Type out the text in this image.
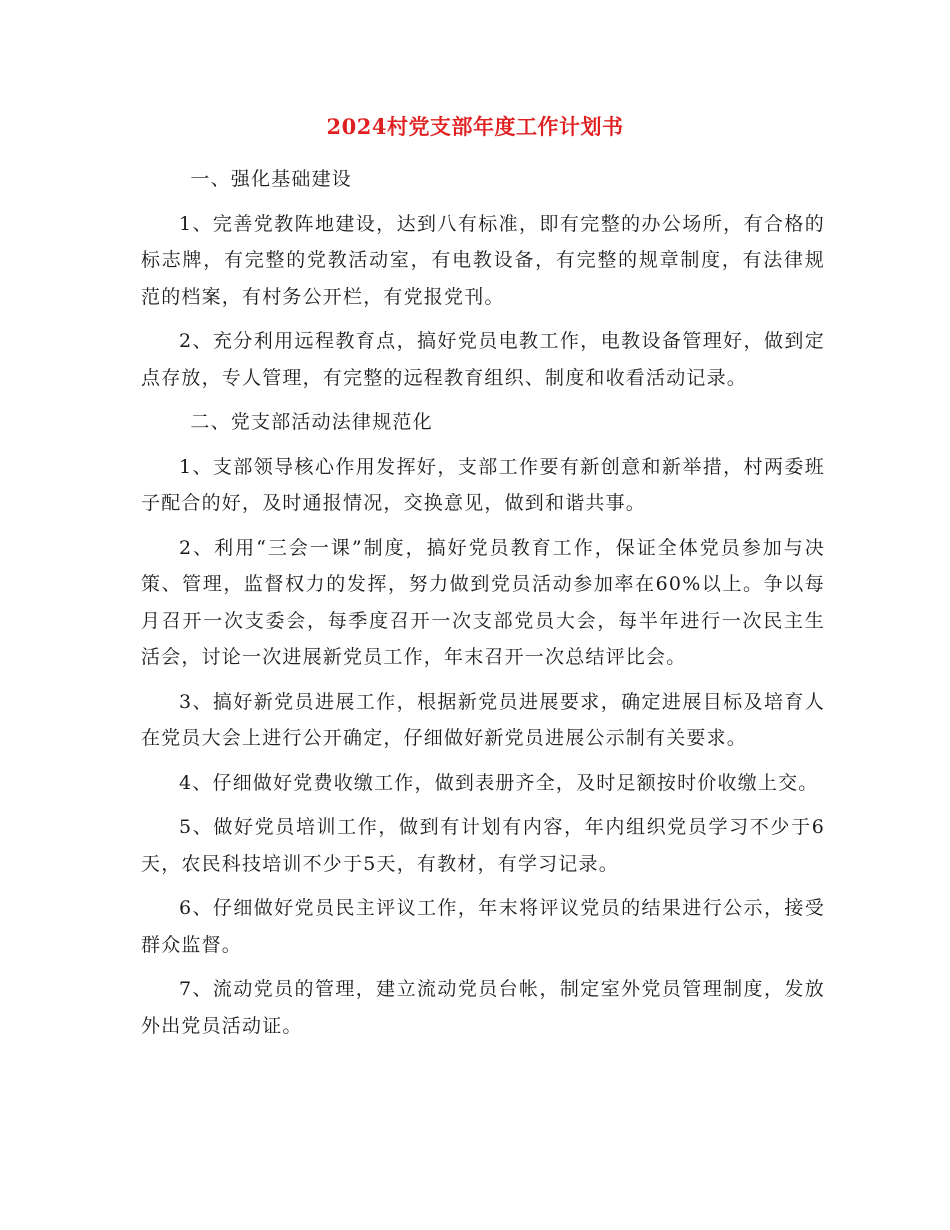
2024村党支部年度工作计划书

一、强化基础建设

1、完善党教阵地建设，达到八有标准，即有完整的办公场所，有合格的标志牌，有完整的党教活动室，有电教设备，有完整的规章制度，有法律规范的档案，有村务公开栏，有党报党刊。

2、充分利用远程教育点，搞好党员电教工作，电教设备管理好，做到定点存放，专人管理，有完整的远程教育组织、制度和收看活动记录。

二、党支部活动法律规范化

1、支部领导核心作用发挥好，支部工作要有新创意和新举措，村两委班子配合的好，及时通报情况，交换意见，做到和谐共事。

2、利用“三会一课”制度，搞好党员教育工作，保证全体党员参加与决策、管理，监督权力的发挥，努力做到党员活动参加率在60%以上。争以每月召开一次支委会，每季度召开一次支部党员大会，每半年进行一次民主生活会，讨论一次进展新党员工作，年末召开一次总结评比会。

3、搞好新党员进展工作，根据新党员进展要求，确定进展目标及培育人在党员大会上进行公开确定，仔细做好新党员进展公示制有关要求。

4、仔细做好党费收缴工作，做到表册齐全，及时足额按时价收缴上交。

5、做好党员培训工作，做到有计划有内容，年内组织党员学习不少于6天，农民科技培训不少于5天，有教材，有学习记录。

6、仔细做好党员民主评议工作，年末将评议党员的结果进行公示，接受群众监督。

7、流动党员的管理，建立流动党员台帐，制定室外党员管理制度，发放外出党员活动证。
